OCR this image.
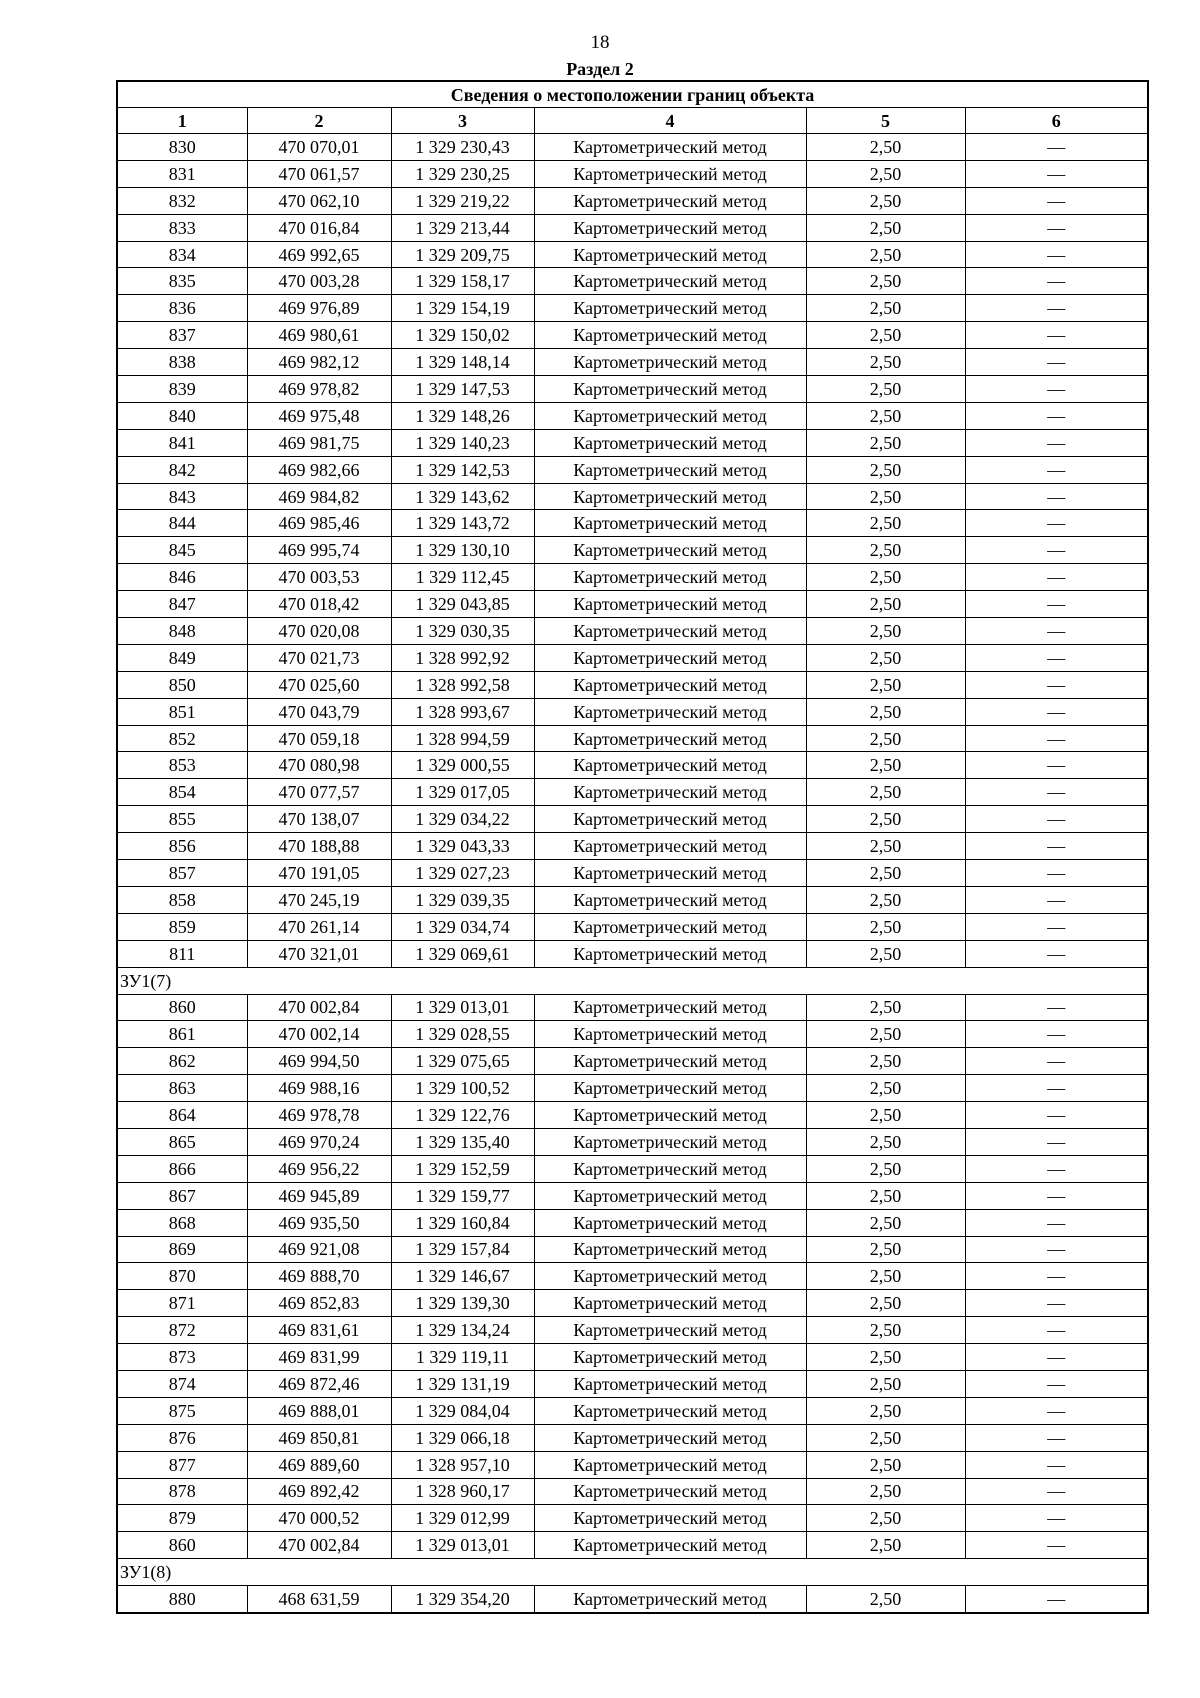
18
Раздел 2
Сведения о местоположении границ объекта					
1	2	3	4	5	6
830	470 070,01	1 329 230,43	Картометрический метод	2,50	—
831	470 061,57	1 329 230,25	Картометрический метод	2,50	—
832	470 062,10	1 329 219,22	Картометрический метод	2,50	—
833	470 016,84	1 329 213,44	Картометрический метод	2,50	—
834	469 992,65	1 329 209,75	Картометрический метод	2,50	—
835	470 003,28	1 329 158,17	Картометрический метод	2,50	—
836	469 976,89	1 329 154,19	Картометрический метод	2,50	—
837	469 980,61	1 329 150,02	Картометрический метод	2,50	—
838	469 982,12	1 329 148,14	Картометрический метод	2,50	—
839	469 978,82	1 329 147,53	Картометрический метод	2,50	—
840	469 975,48	1 329 148,26	Картометрический метод	2,50	—
841	469 981,75	1 329 140,23	Картометрический метод	2,50	—
842	469 982,66	1 329 142,53	Картометрический метод	2,50	—
843	469 984,82	1 329 143,62	Картометрический метод	2,50	—
844	469 985,46	1 329 143,72	Картометрический метод	2,50	—
845	469 995,74	1 329 130,10	Картометрический метод	2,50	—
846	470 003,53	1 329 112,45	Картометрический метод	2,50	—
847	470 018,42	1 329 043,85	Картометрический метод	2,50	—
848	470 020,08	1 329 030,35	Картометрический метод	2,50	—
849	470 021,73	1 328 992,92	Картометрический метод	2,50	—
850	470 025,60	1 328 992,58	Картометрический метод	2,50	—
851	470 043,79	1 328 993,67	Картометрический метод	2,50	—
852	470 059,18	1 328 994,59	Картометрический метод	2,50	—
853	470 080,98	1 329 000,55	Картометрический метод	2,50	—
854	470 077,57	1 329 017,05	Картометрический метод	2,50	—
855	470 138,07	1 329 034,22	Картометрический метод	2,50	—
856	470 188,88	1 329 043,33	Картометрический метод	2,50	—
857	470 191,05	1 329 027,23	Картометрический метод	2,50	—
858	470 245,19	1 329 039,35	Картометрический метод	2,50	—
859	470 261,14	1 329 034,74	Картометрический метод	2,50	—
811	470 321,01	1 329 069,61	Картометрический метод	2,50	—
ЗУ1(7)					
860	470 002,84	1 329 013,01	Картометрический метод	2,50	—
861	470 002,14	1 329 028,55	Картометрический метод	2,50	—
862	469 994,50	1 329 075,65	Картометрический метод	2,50	—
863	469 988,16	1 329 100,52	Картометрический метод	2,50	—
864	469 978,78	1 329 122,76	Картометрический метод	2,50	—
865	469 970,24	1 329 135,40	Картометрический метод	2,50	—
866	469 956,22	1 329 152,59	Картометрический метод	2,50	—
867	469 945,89	1 329 159,77	Картометрический метод	2,50	—
868	469 935,50	1 329 160,84	Картометрический метод	2,50	—
869	469 921,08	1 329 157,84	Картометрический метод	2,50	—
870	469 888,70	1 329 146,67	Картометрический метод	2,50	—
871	469 852,83	1 329 139,30	Картометрический метод	2,50	—
872	469 831,61	1 329 134,24	Картометрический метод	2,50	—
873	469 831,99	1 329 119,11	Картометрический метод	2,50	—
874	469 872,46	1 329 131,19	Картометрический метод	2,50	—
875	469 888,01	1 329 084,04	Картометрический метод	2,50	—
876	469 850,81	1 329 066,18	Картометрический метод	2,50	—
877	469 889,60	1 328 957,10	Картометрический метод	2,50	—
878	469 892,42	1 328 960,17	Картометрический метод	2,50	—
879	470 000,52	1 329 012,99	Картометрический метод	2,50	—
860	470 002,84	1 329 013,01	Картометрический метод	2,50	—
ЗУ1(8)					
880	468 631,59	1 329 354,20	Картометрический метод	2,50	—
